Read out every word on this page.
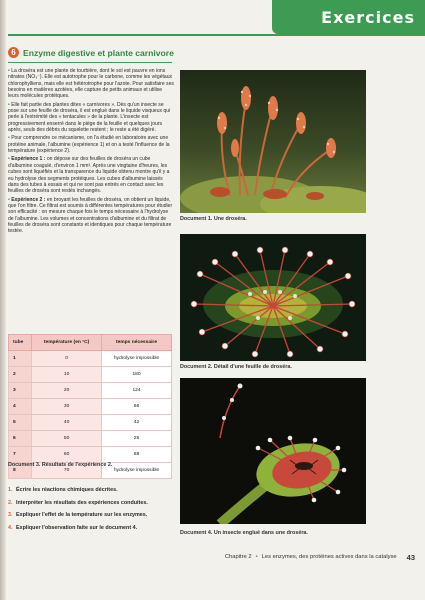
Exercices
6 Enzyme digestive et plante carnivore

• La droséra est une plante de tourbière, dont le sol est pauvre en ions nitrates (NO₃⁻). Elle est autotrophe pour le carbone, comme les végétaux chlorophylliens, mais elle est hétérotrophe pour l'azote. Pour satisfaire ses besoins en matières azotées, elle capture de petits animaux et utilise leurs molécules protéiques.

• Elle fait partie des plantes dites « carnivores ». Dès qu'un insecte se pose sur une feuille de droséra, il est englué dans le liquide visqueux qui perle à l'extrémité des « tentacules » de la plante. L'insecte est progressivement enserré dans le piège de la feuille et quelques jours après, seuls des débris du squelette restent ; le reste a été digéré.

• Pour comprendre ce mécanisme, on l'a étudié en laboratoire avec une protéine animale, l'albumine (expérience 1) et on a testé l'influence de la température (expérience 2).

• Expérience 1 : on dépose sur des feuilles de droséra un cube d'albumine coagulé, d'environ 1 mm³. Après une vingtaine d'heures, les cubes sont liquéfiés et la transparence du liquide obtenu montre qu'il y a eu hydrolyse des segments protéiques. Les cubes d'albumine laissés dans des tubes à essais et qui ne sont pas entrés en contact avec les feuilles de droséra sont restés inchangés.

• Expérience 2 : en broyant les feuilles de droséra, on obtient un liquide, que l'on filtre. Ce filtrat est soumis à différentes températures pour étudier son efficacité : on mesure chaque fois le temps nécessaire à l'hydrolyse de l'albumine. Les volumes et concentrations d'albumine et du filtrat de feuilles de droséra sont constants et identiques pour chaque température testée.

tube	température (en °C)	temps nécessaire
1	0	hydrolyse impossible
2	10	180
3	20	124
4	30	66
5	40	42
6	50	25
7	60	68
8	70	hydrolyse impossible
Document 3. Résultats de l'expérience 2.
1. Écrire les réactions chimiques décrites.
2. Interpréter les résultats des expériences conduites.
3. Expliquer l'effet de la température sur les enzymes.
4. Expliquer l'observation faite sur le document 4.
Document 1. Une droséra.
Document 2. Détail d'une feuille de droséra.
Document 4. Un insecte englué dans une droséra.
Chapitre 2 • Les enzymes, des protéines actives dans la catalyse 43
